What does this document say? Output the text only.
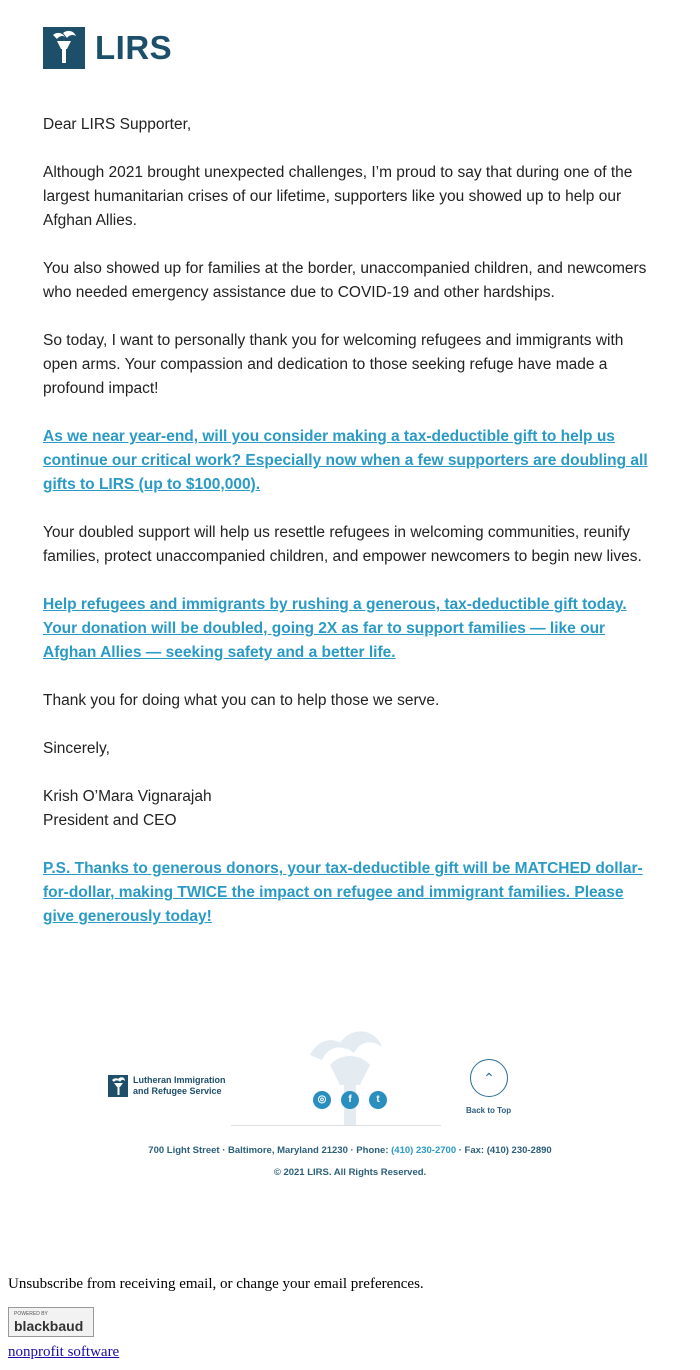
LIRS

Dear LIRS Supporter,

Although 2021 brought unexpected challenges, I’m proud to say that during one of the largest humanitarian crises of our lifetime, supporters like you showed up to help our Afghan Allies.

You also showed up for families at the border, unaccompanied children, and newcomers who needed emergency assistance due to COVID-19 and other hardships.

So today, I want to personally thank you for welcoming refugees and immigrants with open arms. Your compassion and dedication to those seeking refuge have made a profound impact!

As we near year-end, will you consider making a tax-deductible gift to help us continue our critical work? Especially now when a few supporters are doubling all gifts to LIRS (up to $100,000).

Your doubled support will help us resettle refugees in welcoming communities, reunify families, protect unaccompanied children, and empower newcomers to begin new lives.

Help refugees and immigrants by rushing a generous, tax-deductible gift today. Your donation will be doubled, going 2X as far to support families — like our Afghan Allies — seeking safety and a better life.

Thank you for doing what you can to help those we serve.

Sincerely,

Krish O’Mara Vignarajah
President and CEO

P.S. Thanks to generous donors, your tax-deductible gift will be MATCHED dollar-for-dollar, making TWICE the impact on refugee and immigrant families. Please give generously today!

Lutheran Immigration
and Refugee Service
◎	f	t
⌃
Back to Top
700 Light Street · Baltimore, Maryland 21230 · Phone: (410) 230-2700 · Fax: (410) 230-2890
© 2021 LIRS. All Rights Reserved.
Unsubscribe from receiving email, or change your email preferences.
POWERED BY
blackbaud
nonprofit software
